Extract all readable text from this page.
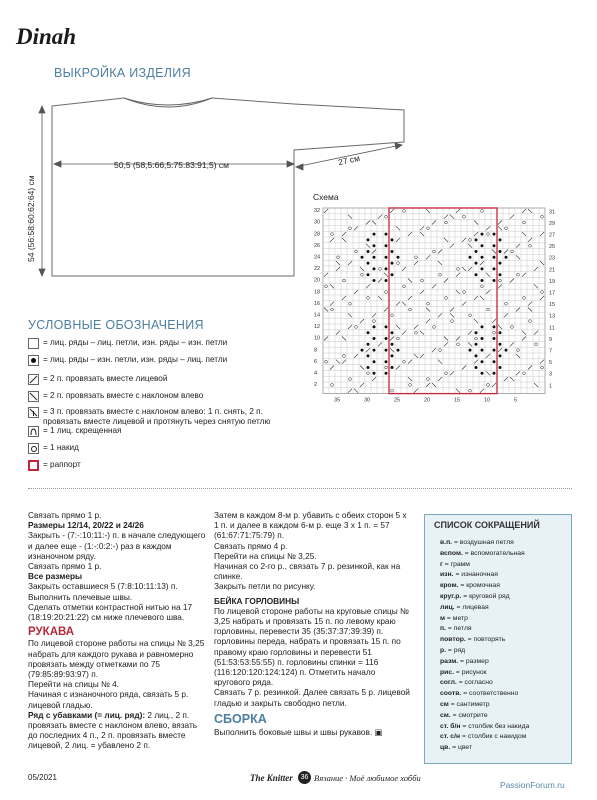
Dinah
ВЫКРОЙКА ИЗДЕЛИЯ
50,5 (58,5:66,5:75:83:91,5) см
54 (56:58:60:62:64) см
27 см
Схема
31
29
27
25
23
21
19
17
15
13
11
9
7
5
3
1
32
30
28
26
24
22
20
18
16
14
12
10
8
6
4
2
35	30	25	20	15	10	5
УСЛОВНЫЕ ОБОЗНАЧЕНИЯ
= лиц. ряды – лиц. петли, изн. ряды – изн. петли
= лиц. ряды – изн. петли, изн. ряды – лиц. петли
= 2 п. провязать вместе лицевой
= 2 п. провязать вместе с наклоном влево
= 3 п. провязать вместе с наклоном влево: 1 п. снять, 2 п. провязать вместе лицевой и протянуть через снятую петлю
= 1 лиц. скрещенная
= 1 накид
= раппорт
Связать прямо 1 р.
Размеры 12/14, 20/22 и 24/26
Закрыть - (7:-:10:11:-) п. в начале следующего и далее еще - (1:-:0:2:-) раз в каждом изнаночном ряду.
Связать прямо 1 р.
Все размеры
Закрыть оставшиеся 5 (7:8:10:11:13) п.
Выполнить плечевые швы.
Сделать отметки контрастной нитью на 17 (18:19:20:21:22) см ниже плечевого шва.
РУКАВА
По лицевой стороне работы на спицы № 3,25 набрать для каждого рукава и равномерно провязать между отметками по 75 (79:85:89:93:97) п.
Перейти на спицы № 4.
Начиная с изнаночного ряда, связать 5 р. лицевой гладью.
Ряд с убавками (= лиц. ряд): 2 лиц., 2 п. провязать вместе с наклоном влево, вязать до последних 4 п., 2 п. провязать вместе лицевой, 2 лиц. = убавлено 2 п.
Затем в каждом 8-м р. убавить с обеих сторон 5 x 1 п. и далее в каждом 6-м р. еще 3 x 1 п. = 57 (61:67:71:75:79) п.
Связать прямо 4 р.
Перейти на спицы № 3,25.
Начиная со 2-го р., связать 7 р. резинкой, как на спинке.
Закрыть петли по рисунку.
БЕЙКА ГОРЛОВИНЫ
По лицевой стороне работы на круговые спицы № 3,25 набрать и провязать 15 п. по левому краю горловины, перевести 35 (35:37:37:39:39) п. горловины переда, набрать и провязать 15 п. по правому краю горловины и перевести 51 (51:53:53:55:55) п. горловины спинки = 116 (116:120:120:124:124) п. Отметить начало кругового ряда.
Связать 7 р. резинкой. Далее связать 5 р. лицевой гладью и закрыть свободно петли.
СБОРКА
Выполнить боковые швы и швы рукавов. ▣
СПИСОК СОКРАЩЕНИЙ
в.п. = воздушная петля
вспом. = вспомогательная
г = грамм
изн. = изнаночная
кром. = кромочная
круг.р. = круговой ряд
лиц. = лицевая
м = метр
п. = петля
повтор. = повторять
р. = ряд
разм. = размер
рис. = рисунок
согл. = согласно
соотв. = соответственно
см = сантиметр
см. = смотрите
ст. б/н = столбик без накида
ст. с/н = столбик с накидом
цв. = цвет
05/2021	The Knitter	36 Вязание · Моё любимое хобби
PassionForum.ru
